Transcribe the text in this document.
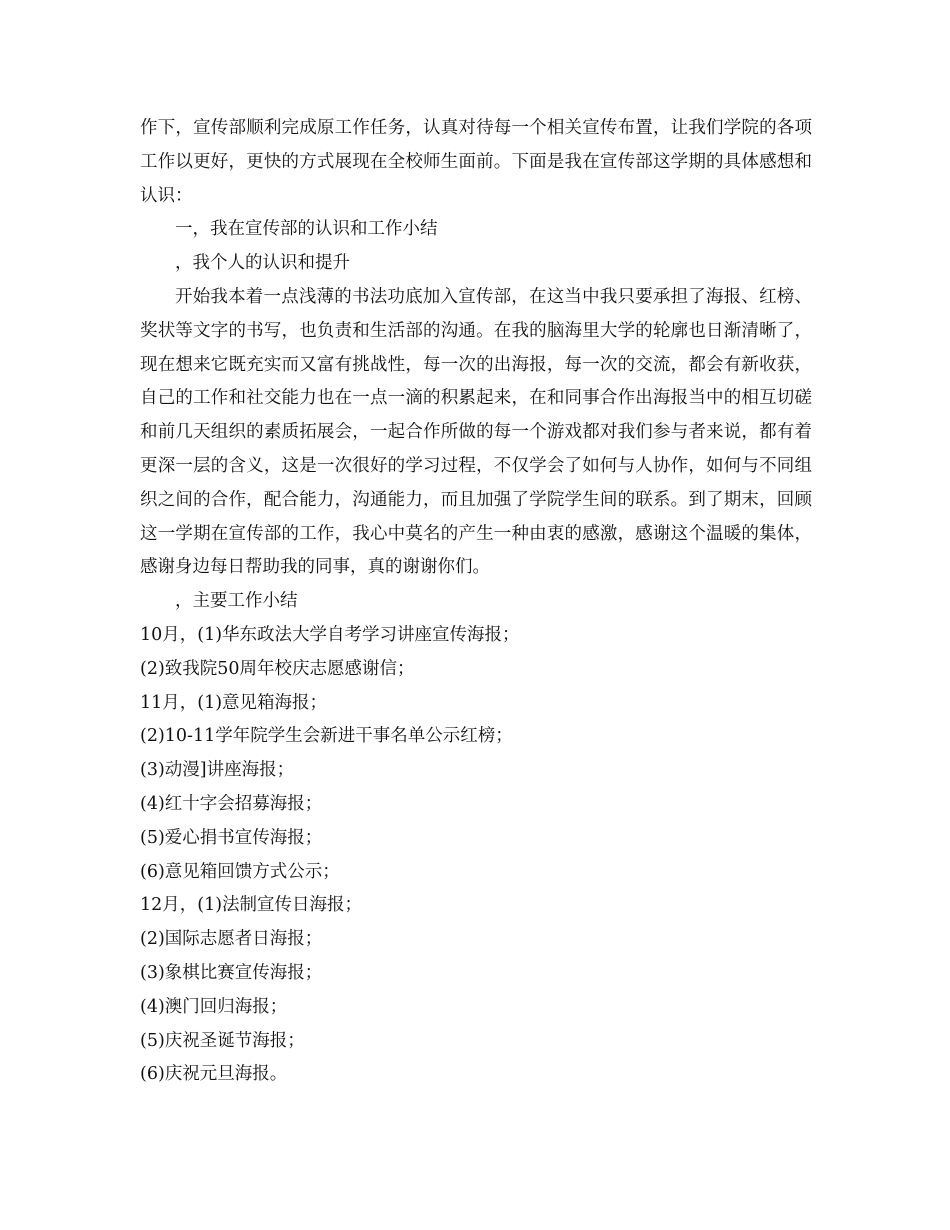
作下，宣传部顺利完成原工作任务，认真对待每一个相关宣传布置，让我们学院的各项工作以更好，更快的方式展现在全校师生面前。下面是我在宣传部这学期的具体感想和认识：

一，我在宣传部的认识和工作小结

，我个人的认识和提升

开始我本着一点浅薄的书法功底加入宣传部，在这当中我只要承担了海报、红榜、奖状等文字的书写，也负责和生活部的沟通。在我的脑海里大学的轮廓也日渐清晰了，现在想来它既充实而又富有挑战性，每一次的出海报，每一次的交流，都会有新收获，自己的工作和社交能力也在一点一滴的积累起来，在和同事合作出海报当中的相互切磋和前几天组织的素质拓展会，一起合作所做的每一个游戏都对我们参与者来说，都有着更深一层的含义，这是一次很好的学习过程，不仅学会了如何与人协作，如何与不同组织之间的合作，配合能力，沟通能力，而且加强了学院学生间的联系。到了期末，回顾这一学期在宣传部的工作，我心中莫名的产生一种由衷的感激，感谢这个温暖的集体，感谢身边每日帮助我的同事，真的谢谢你们。

，主要工作小结

10月，(1)华东政法大学自考学习讲座宣传海报；

(2)致我院50周年校庆志愿感谢信；

11月，(1)意见箱海报；

(2)10-11学年院学生会新进干事名单公示红榜；

(3)动漫]讲座海报；

(4)红十字会招募海报；

(5)爱心捐书宣传海报；

(6)意见箱回馈方式公示；

12月，(1)法制宣传日海报；

(2)国际志愿者日海报；

(3)象棋比赛宣传海报；

(4)澳门回归海报；

(5)庆祝圣诞节海报；

(6)庆祝元旦海报。
